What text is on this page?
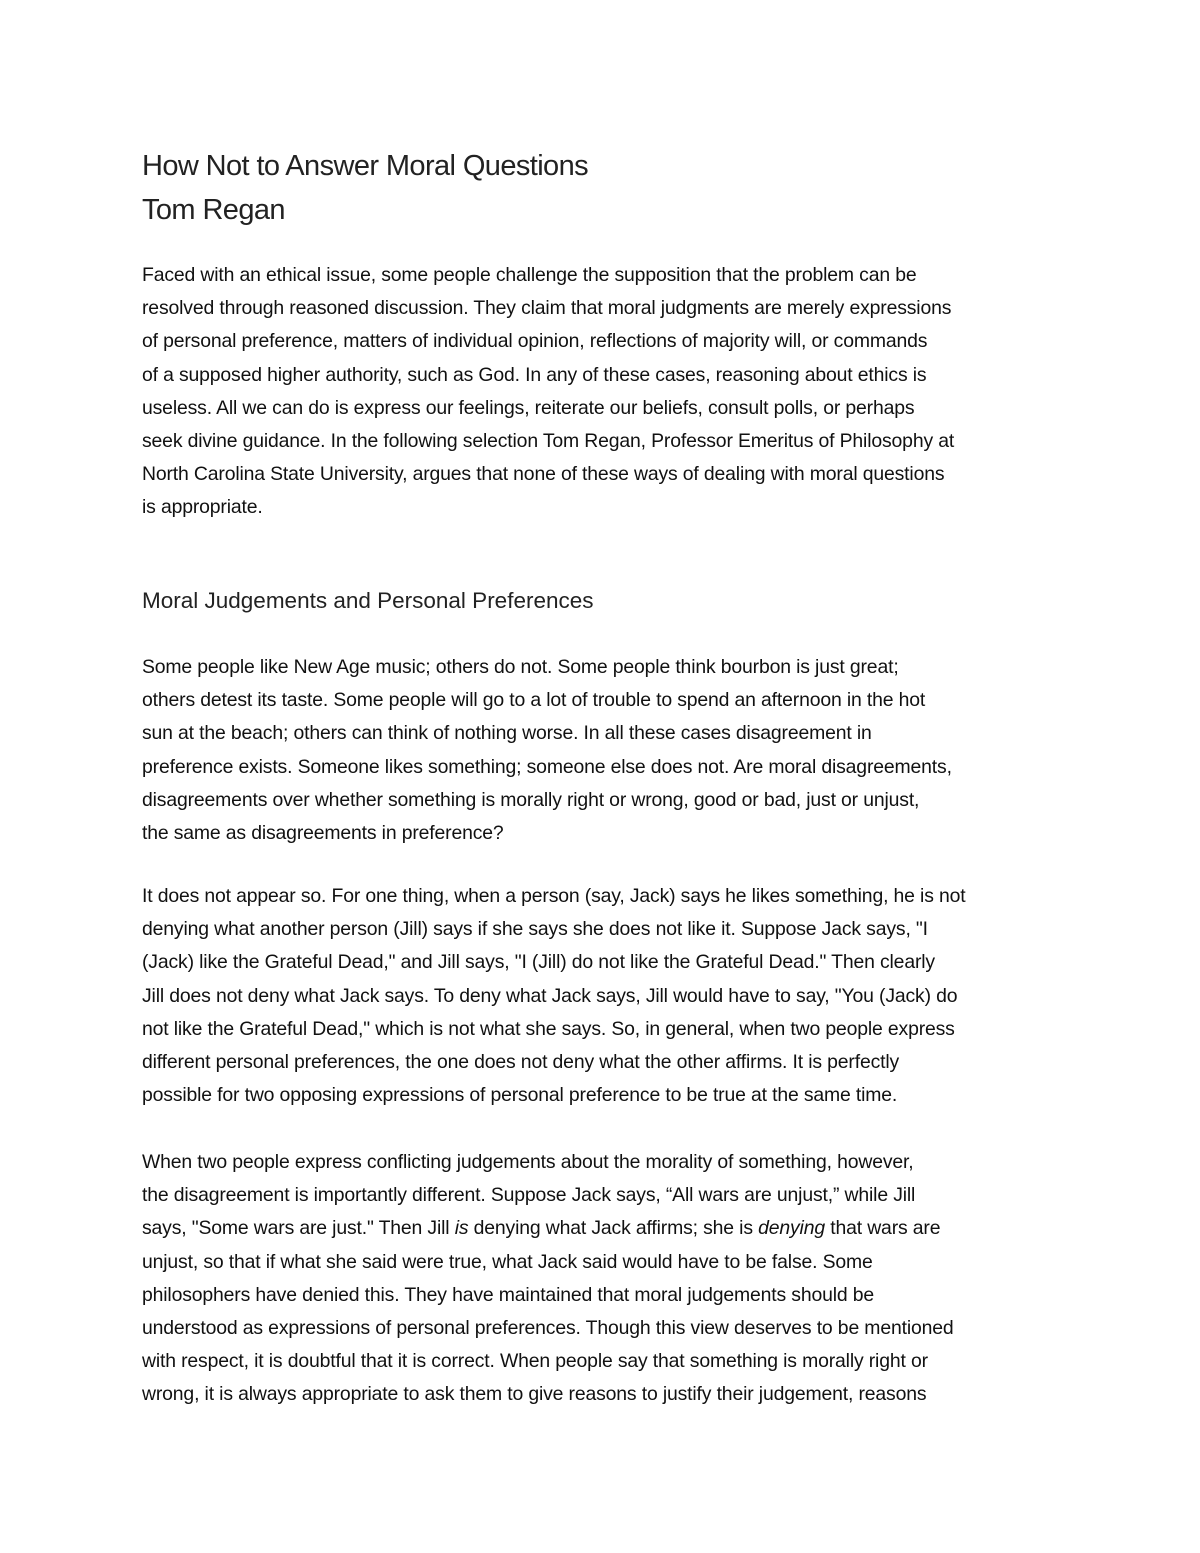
How Not to Answer Moral Questions
Tom Regan

Faced with an ethical issue, some people challenge the supposition that the problem can be
resolved through reasoned discussion. They claim that moral judgments are merely expressions
of personal preference, matters of individual opinion, reflections of majority will, or commands
of a supposed higher authority, such as God. In any of these cases, reasoning about ethics is
useless. All we can do is express our feelings, reiterate our beliefs, consult polls, or perhaps
seek divine guidance. In the following selection Tom Regan, Professor Emeritus of Philosophy at
North Carolina State University, argues that none of these ways of dealing with moral questions
is appropriate.

Moral Judgements and Personal Preferences

Some people like New Age music; others do not. Some people think bourbon is just great;
others detest its taste. Some people will go to a lot of trouble to spend an afternoon in the hot
sun at the beach; others can think of nothing worse. In all these cases disagreement in
preference exists. Someone likes something; someone else does not. Are moral disagreements,
disagreements over whether something is morally right or wrong, good or bad, just or unjust,
the same as disagreements in preference?

It does not appear so. For one thing, when a person (say, Jack) says he likes something, he is not
denying what another person (Jill) says if she says she does not like it. Suppose Jack says, "I
(Jack) like the Grateful Dead," and Jill says, "I (Jill) do not like the Grateful Dead." Then clearly
Jill does not deny what Jack says. To deny what Jack says, Jill would have to say, "You (Jack) do
not like the Grateful Dead," which is not what she says. So, in general, when two people express
different personal preferences, the one does not deny what the other affirms. It is perfectly
possible for two opposing expressions of personal preference to be true at the same time.

When two people express conflicting judgements about the morality of something, however,
the disagreement is importantly different. Suppose Jack says, “All wars are unjust,” while Jill
says, "Some wars are just." Then Jill is denying what Jack affirms; she is denying that wars are
unjust, so that if what she said were true, what Jack said would have to be false. Some
philosophers have denied this. They have maintained that moral judgements should be
understood as expressions of personal preferences. Though this view deserves to be mentioned
with respect, it is doubtful that it is correct. When people say that something is morally right or
wrong, it is always appropriate to ask them to give reasons to justify their judgement, reasons
